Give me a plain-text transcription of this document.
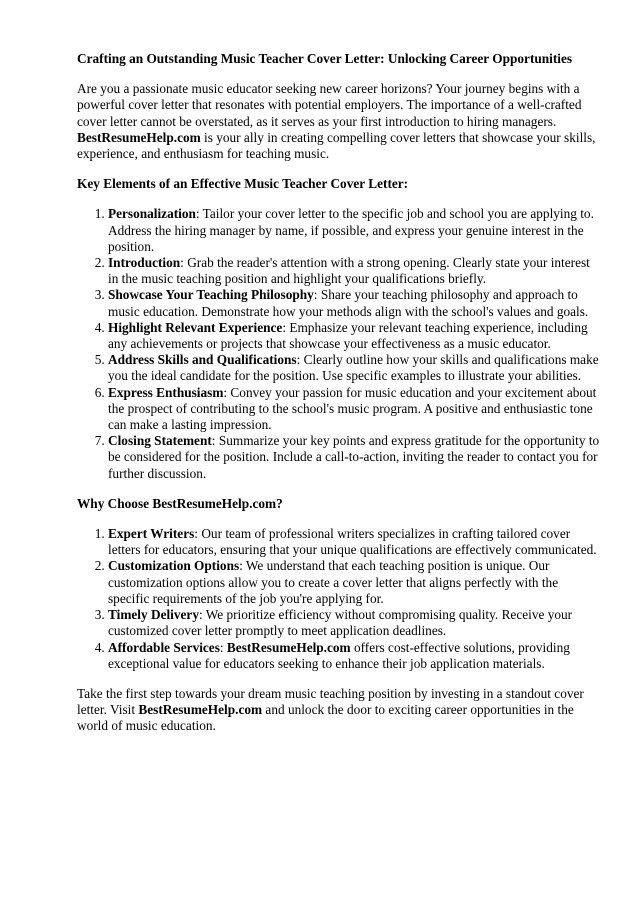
Crafting an Outstanding Music Teacher Cover Letter: Unlocking Career Opportunities

Are you a passionate music educator seeking new career horizons? Your journey begins with a powerful cover letter that resonates with potential employers. The importance of a well-crafted cover letter cannot be overstated, as it serves as your first introduction to hiring managers. BestResumeHelp.com is your ally in creating compelling cover letters that showcase your skills, experience, and enthusiasm for teaching music.

Key Elements of an Effective Music Teacher Cover Letter:
1. Personalization: Tailor your cover letter to the specific job and school you are applying to. Address the hiring manager by name, if possible, and express your genuine interest in the position.
2. Introduction: Grab the reader's attention with a strong opening. Clearly state your interest in the music teaching position and highlight your qualifications briefly.
3. Showcase Your Teaching Philosophy: Share your teaching philosophy and approach to music education. Demonstrate how your methods align with the school's values and goals.
4. Highlight Relevant Experience: Emphasize your relevant teaching experience, including any achievements or projects that showcase your effectiveness as a music educator.
5. Address Skills and Qualifications: Clearly outline how your skills and qualifications make you the ideal candidate for the position. Use specific examples to illustrate your abilities.
6. Express Enthusiasm: Convey your passion for music education and your excitement about the prospect of contributing to the school's music program. A positive and enthusiastic tone can make a lasting impression.
7. Closing Statement: Summarize your key points and express gratitude for the opportunity to be considered for the position. Include a call-to-action, inviting the reader to contact you for further discussion.
Why Choose BestResumeHelp.com?
1. Expert Writers: Our team of professional writers specializes in crafting tailored cover letters for educators, ensuring that your unique qualifications are effectively communicated.
2. Customization Options: We understand that each teaching position is unique. Our customization options allow you to create a cover letter that aligns perfectly with the specific requirements of the job you're applying for.
3. Timely Delivery: We prioritize efficiency without compromising quality. Receive your customized cover letter promptly to meet application deadlines.
4. Affordable Services: BestResumeHelp.com offers cost-effective solutions, providing exceptional value for educators seeking to enhance their job application materials.

Take the first step towards your dream music teaching position by investing in a standout cover letter. Visit BestResumeHelp.com and unlock the door to exciting career opportunities in the world of music education.
